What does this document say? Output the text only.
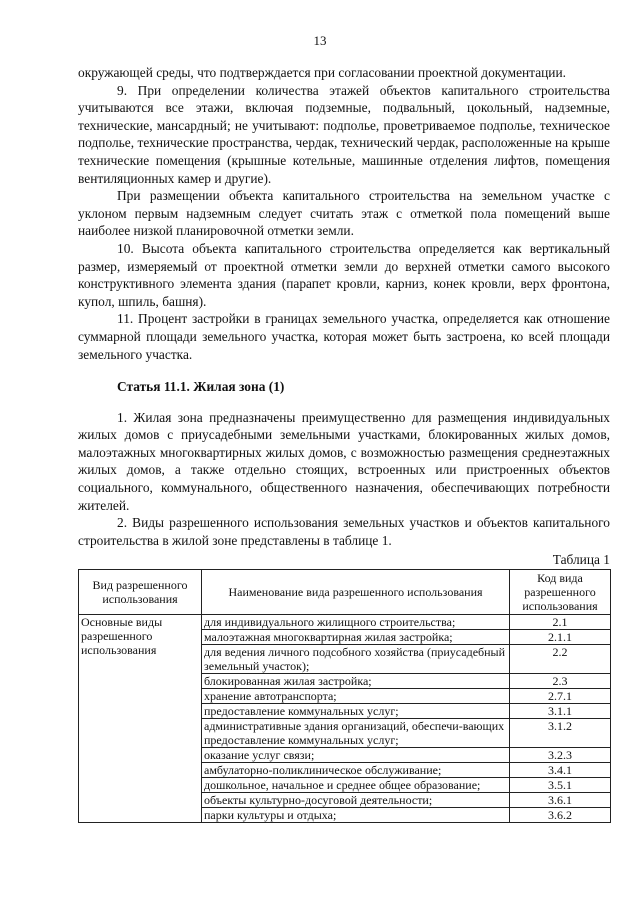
13

окружающей среды, что подтверждается при согласовании проектной документации.

9. При определении количества этажей объектов капитального строительства учитываются все этажи, включая подземные, подвальный, цокольный, надземные, технические, мансардный; не учитывают: подполье, проветриваемое подполье, техническое подполье, технические пространства, чердак, технический чердак, расположенные на крыше технические помещения (крышные котельные, машинные отделения лифтов, помещения вентиляционных камер и другие).

При размещении объекта капитального строительства на земельном участке с уклоном первым надземным следует считать этаж с отметкой пола помещений выше наиболее низкой планировочной отметки земли.

10. Высота объекта капитального строительства определяется как вертикальный размер, измеряемый от проектной отметки земли до верхней отметки самого высокого конструктивного элемента здания (парапет кровли, карниз, конек кровли, верх фронтона, купол, шпиль, башня).

11. Процент застройки в границах земельного участка, определяется как отношение суммарной площади земельного участка, которая может быть застроена, ко всей площади земельного участка.

Статья 11.1. Жилая зона (1)

1. Жилая зона предназначены преимущественно для размещения индивидуальных жилых домов с приусадебными земельными участками, блокированных жилых домов, малоэтажных многоквартирных жилых домов, с возможностью размещения среднеэтажных жилых домов, а также отдельно стоящих, встроенных или пристроенных объектов социального, коммунального, общественного назначения, обеспечивающих потребности жителей.

2. Виды разрешенного использования земельных участков и объектов капитального строительства в жилой зоне представлены в таблице 1.

Таблица 1

Вид разрешенного использования	Наименование вида разрешенного использования	Код вида разрешенного использования
Основные виды разрешенного использования	для индивидуального жилищного строительства;	2.1
	малоэтажная многоквартирная жилая застройка;	2.1.1
	для ведения личного подсобного хозяйства (приусадебный земельный участок);	2.2
	блокированная жилая застройка;	2.3
	хранение автотранспорта;	2.7.1
	предоставление коммунальных услуг;	3.1.1
	административные здания организаций, обеспечи-вающих предоставление коммунальных услуг;	3.1.2
	оказание услуг связи;	3.2.3
	амбулаторно-поликлиническое обслуживание;	3.4.1
	дошкольное, начальное и среднее общее образование;	3.5.1
	объекты культурно-досуговой деятельности;	3.6.1
	парки культуры и отдыха;	3.6.2
